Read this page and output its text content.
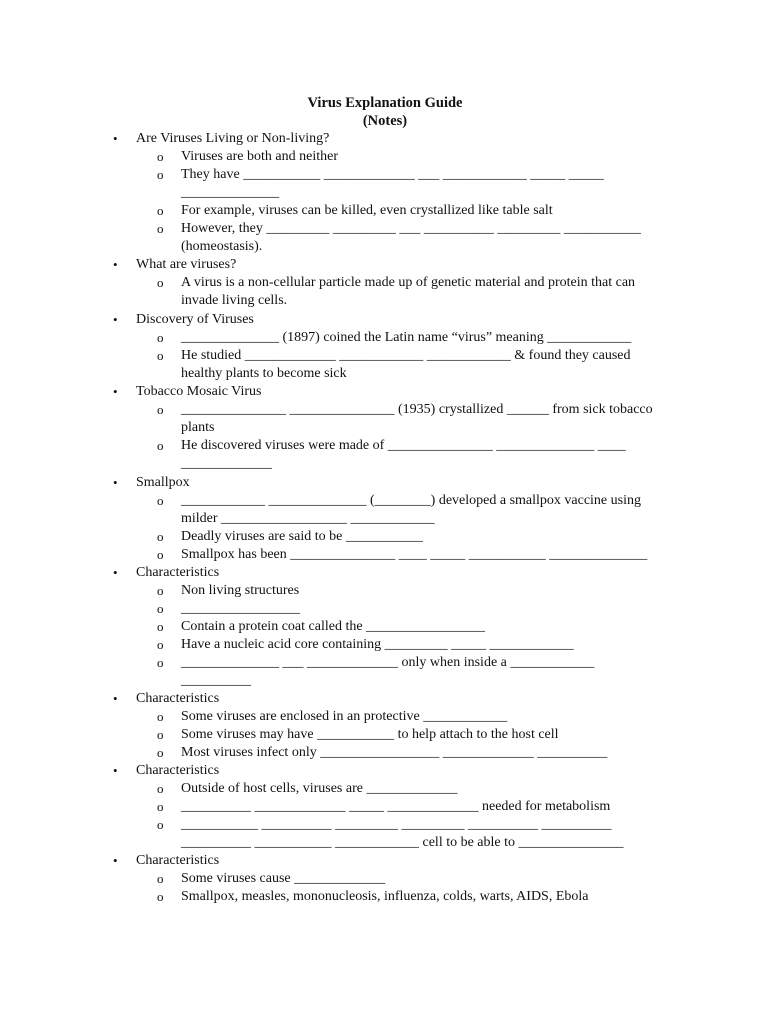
Virus Explanation Guide
(Notes)
• Are Viruses Living or Non-living?
o Viruses are both and neither
o They have ___________ _____________ ___ ____________ _____ _____
______________
o For example, viruses can be killed, even crystallized like table salt
o However, they _________ _________ ___ __________ _________ ___________
(homeostasis).
• What are viruses?
o A virus is a non-cellular particle made up of genetic material and protein that can
invade living cells.
• Discovery of Viruses
o ______________ (1897) coined the Latin name “virus” meaning ____________
o He studied _____________ ____________ ____________ & found they caused
healthy plants to become sick
• Tobacco Mosaic Virus
o _______________ _______________ (1935) crystallized ______ from sick tobacco
plants
o He discovered viruses were made of _______________ ______________ ____
_____________
• Smallpox
o ____________ ______________ (________) developed a smallpox vaccine using
milder __________________ ____________
o Deadly viruses are said to be ___________
o Smallpox has been _______________ ____ _____ ___________ ______________
• Characteristics
o Non living structures
o _________________
o Contain a protein coat called the _________________
o Have a nucleic acid core containing _________ _____ ____________
o ______________ ___ _____________ only when inside a ____________
__________
• Characteristics
o Some viruses are enclosed in an protective ____________
o Some viruses may have ___________ to help attach to the host cell
o Most viruses infect only _________________ _____________ __________
• Characteristics
o Outside of host cells, viruses are _____________
o __________ _____________ _____ _____________ needed for metabolism
o ___________ __________ _________ _________ __________ __________
__________ ___________ ____________ cell to be able to _______________
• Characteristics
o Some viruses cause _____________
o Smallpox, measles, mononucleosis, influenza, colds, warts, AIDS, Ebola
